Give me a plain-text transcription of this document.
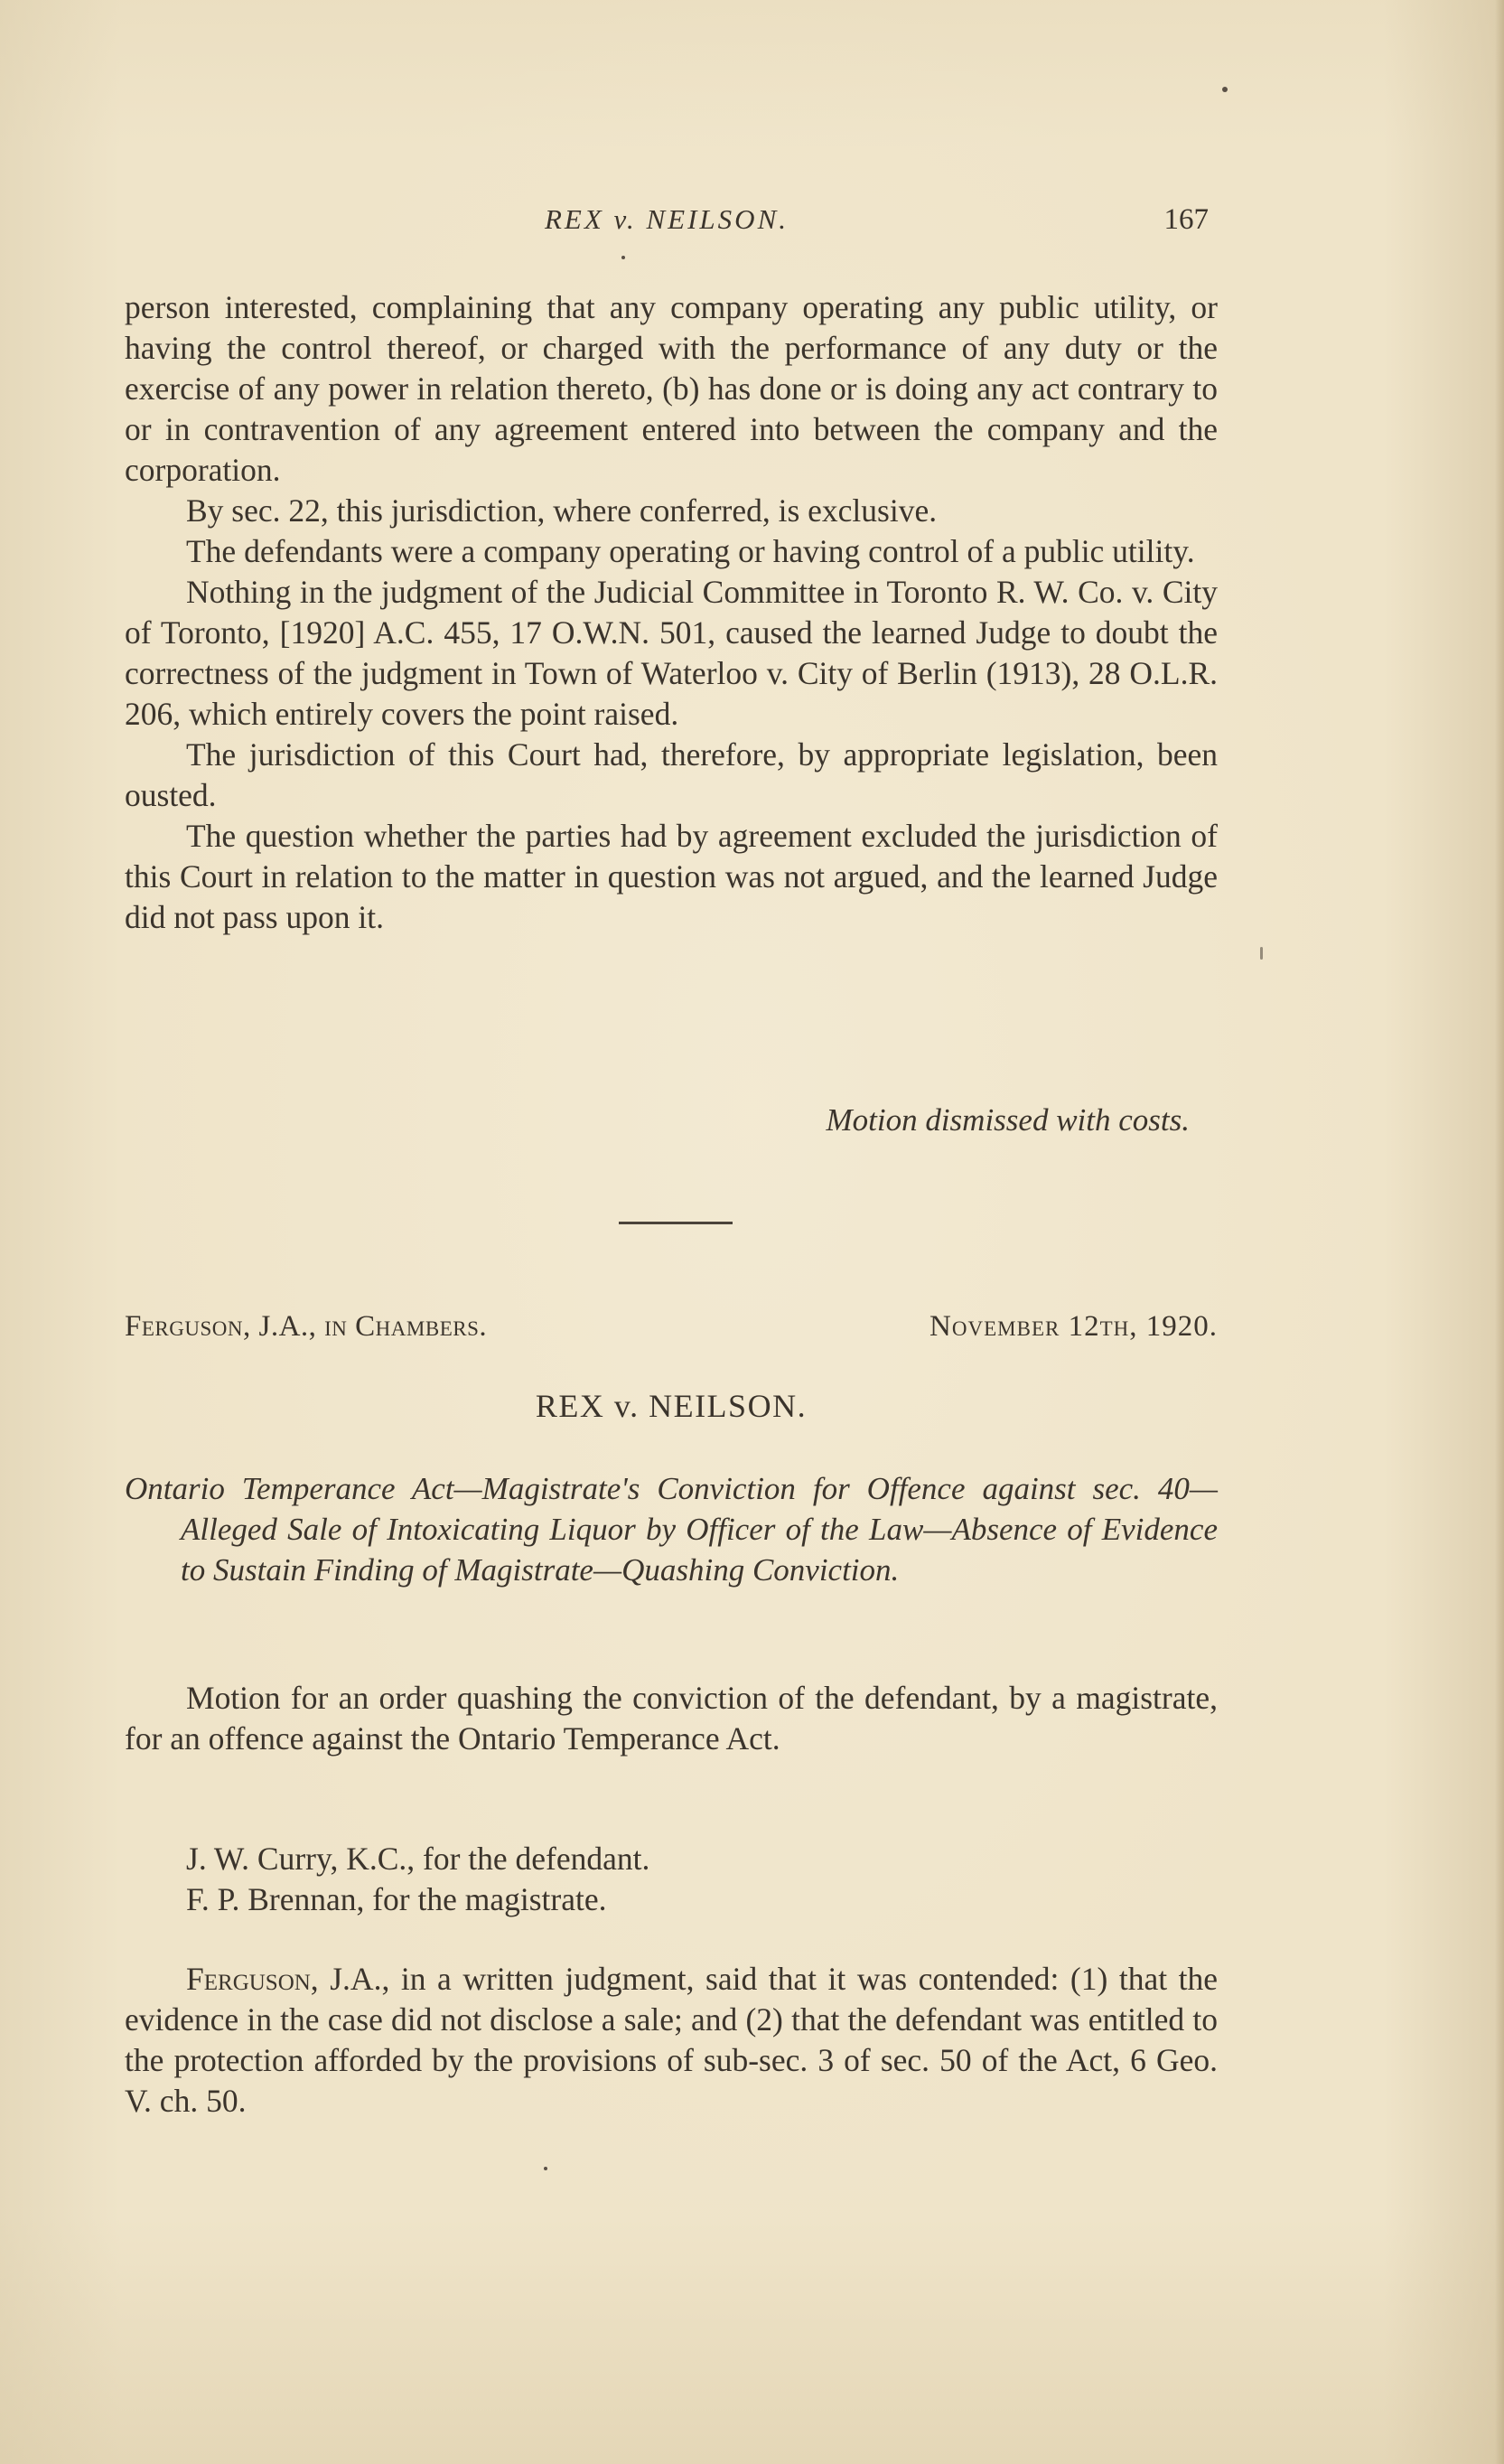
REX v. NEILSON.	167

person interested, complaining that any company operating any public utility, or having the control thereof, or charged with the performance of any duty or the exercise of any power in relation thereto, (b) has done or is doing any act contrary to or in contravention of any agreement entered into between the company and the corporation.

By sec. 22, this jurisdiction, where conferred, is exclusive.

The defendants were a company operating or having control of a public utility.

Nothing in the judgment of the Judicial Committee in Toronto R. W. Co. v. City of Toronto, [1920] A.C. 455, 17 O.W.N. 501, caused the learned Judge to doubt the correctness of the judgment in Town of Waterloo v. City of Berlin (1913), 28 O.L.R. 206, which entirely covers the point raised.

The jurisdiction of this Court had, therefore, by appropriate legislation, been ousted.

The question whether the parties had by agreement excluded the jurisdiction of this Court in relation to the matter in question was not argued, and the learned Judge did not pass upon it.

Motion dismissed with costs.
Ferguson, J.A., in Chambers.	November 12th, 1920.
REX v. NEILSON.
Ontario Temperance Act—Magistrate's Conviction for Offence against sec. 40—Alleged Sale of Intoxicating Liquor by Officer of the Law—Absence of Evidence to Sustain Finding of Magistrate—Quashing Conviction.

Motion for an order quashing the conviction of the defendant, by a magistrate, for an offence against the Ontario Temperance Act.

J. W. Curry, K.C., for the defendant.

F. P. Brennan, for the magistrate.

Ferguson, J.A., in a written judgment, said that it was contended: (1) that the evidence in the case did not disclose a sale; and (2) that the defendant was entitled to the protection afforded by the provisions of sub-sec. 3 of sec. 50 of the Act, 6 Geo. V. ch. 50.
